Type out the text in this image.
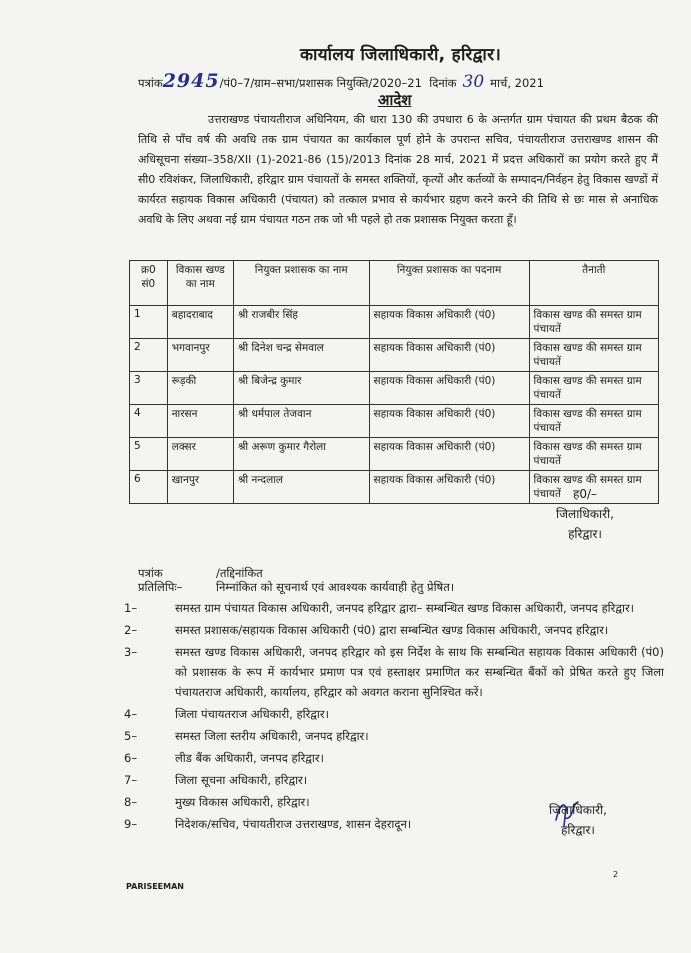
कार्यालय जिलाधिकारी, हरिद्वार।
पत्रांक2945/पं0–7/ग्राम–सभा/प्रशासक नियुक्ति/2020–21 दिनांक 30 मार्च, 2021
आदेश
उत्तराखण्ड पंचायतीराज अधिनियम, की धारा 130 की उपधारा 6 के अन्तर्गत ग्राम पंचायत की प्रथम बैठक की तिथि से पाँच वर्ष की अवधि तक ग्राम पंचायत का कार्यकाल पूर्ण होने के उपरान्त सचिव, पंचायतीराज उत्तराखण्ड शासन की अधिसूचना संख्या–358/XII (1)-2021-86 (15)/2013 दिनांक 28 मार्च, 2021 में प्रदत्त अधिकारों का प्रयोग करते हुए मैं सी0 रविशंकर, जिलाधिकारी, हरिद्वार ग्राम पंचायतों के समस्त शक्तियों, कृत्यों और कर्तव्यों के सम्पादन/निर्वहन हेतु विकास खण्डों में कार्यरत सहायक विकास अधिकारी (पंचायत) को तत्काल प्रभाव से कार्यभार ग्रहण करने करने की तिथि से छः मास से अनाधिक अवधि के लिए अथवा नई ग्राम पंचायत गठन तक जो भी पहले हो तक प्रशासक नियुक्त करता हूँ।
क्र0 सं0	विकास खण्ड का नाम	नियुक्त प्रशासक का नाम	नियुक्त प्रशासक का पदनाम	तैनाती
1	बहादराबाद	श्री राजबीर सिंह	सहायक विकास अधिकारी (पं0)	विकास खण्ड की समस्त ग्राम पंचायतें
2	भगवानपुर	श्री दिनेश चन्द्र सेमवाल	सहायक विकास अधिकारी (पं0)	विकास खण्ड की समस्त ग्राम पंचायतें
3	रूड़की	श्री बिजेन्द्र कुमार	सहायक विकास अधिकारी (पं0)	विकास खण्ड की समस्त ग्राम पंचायतें
4	नारसन	श्री धर्मपाल तेजवान	सहायक विकास अधिकारी (पं0)	विकास खण्ड की समस्त ग्राम पंचायतें
5	लक्सर	श्री अरूण कुमार गैरोला	सहायक विकास अधिकारी (पं0)	विकास खण्ड की समस्त ग्राम पंचायतें
6	खानपुर	श्री नन्दलाल	सहायक विकास अधिकारी (पं0)	विकास खण्ड की समस्त ग्राम पंचायतें	ह0/–
जिलाधिकारी,
हरिद्वार।
पत्रांक	/तद्दिनांकित
प्रतिलिपिः–	निम्नांकित को सूचनार्थ एवं आवश्यक कार्यवाही हेतु प्रेषित।
1–	समस्त ग्राम पंचायत विकास अधिकारी, जनपद हरिद्वार द्वारा– सम्बन्धित खण्ड विकास अधिकारी, जनपद हरिद्वार।
2–	समस्त प्रशासक/सहायक विकास अधिकारी (पं0) द्वारा सम्बन्धित खण्ड विकास अधिकारी, जनपद हरिद्वार।
3–	समस्त खण्ड विकास अधिकारी, जनपद हरिद्वार को इस निर्देश के साथ कि सम्बन्धित सहायक विकास अधिकारी (पं0) को प्रशासक के रूप में कार्यभार प्रमाण पत्र एवं हस्ताक्षर प्रमाणित कर सम्बन्धित बैंकों को प्रेषित करते हुए जिला पंचायतराज अधिकारी, कार्यालय, हरिद्वार को अवगत कराना सुनिश्चित करें।
4–	जिला पंचायतराज अधिकारी, हरिद्वार।
5–	समस्त जिला स्तरीय अधिकारी, जनपद हरिद्वार।
6–	लीड बैंक अधिकारी, जनपद हरिद्वार।
7–	जिला सूचना अधिकारी, हरिद्वार।
8–	मुख्य विकास अधिकारी, हरिद्वार।
9–	निदेशक/सचिव, पंचायतीराज उत्तराखण्ड, शासन देहरादून।
जिलाधिकारी,
हरिद्वार।
2
PARISEEMAN
